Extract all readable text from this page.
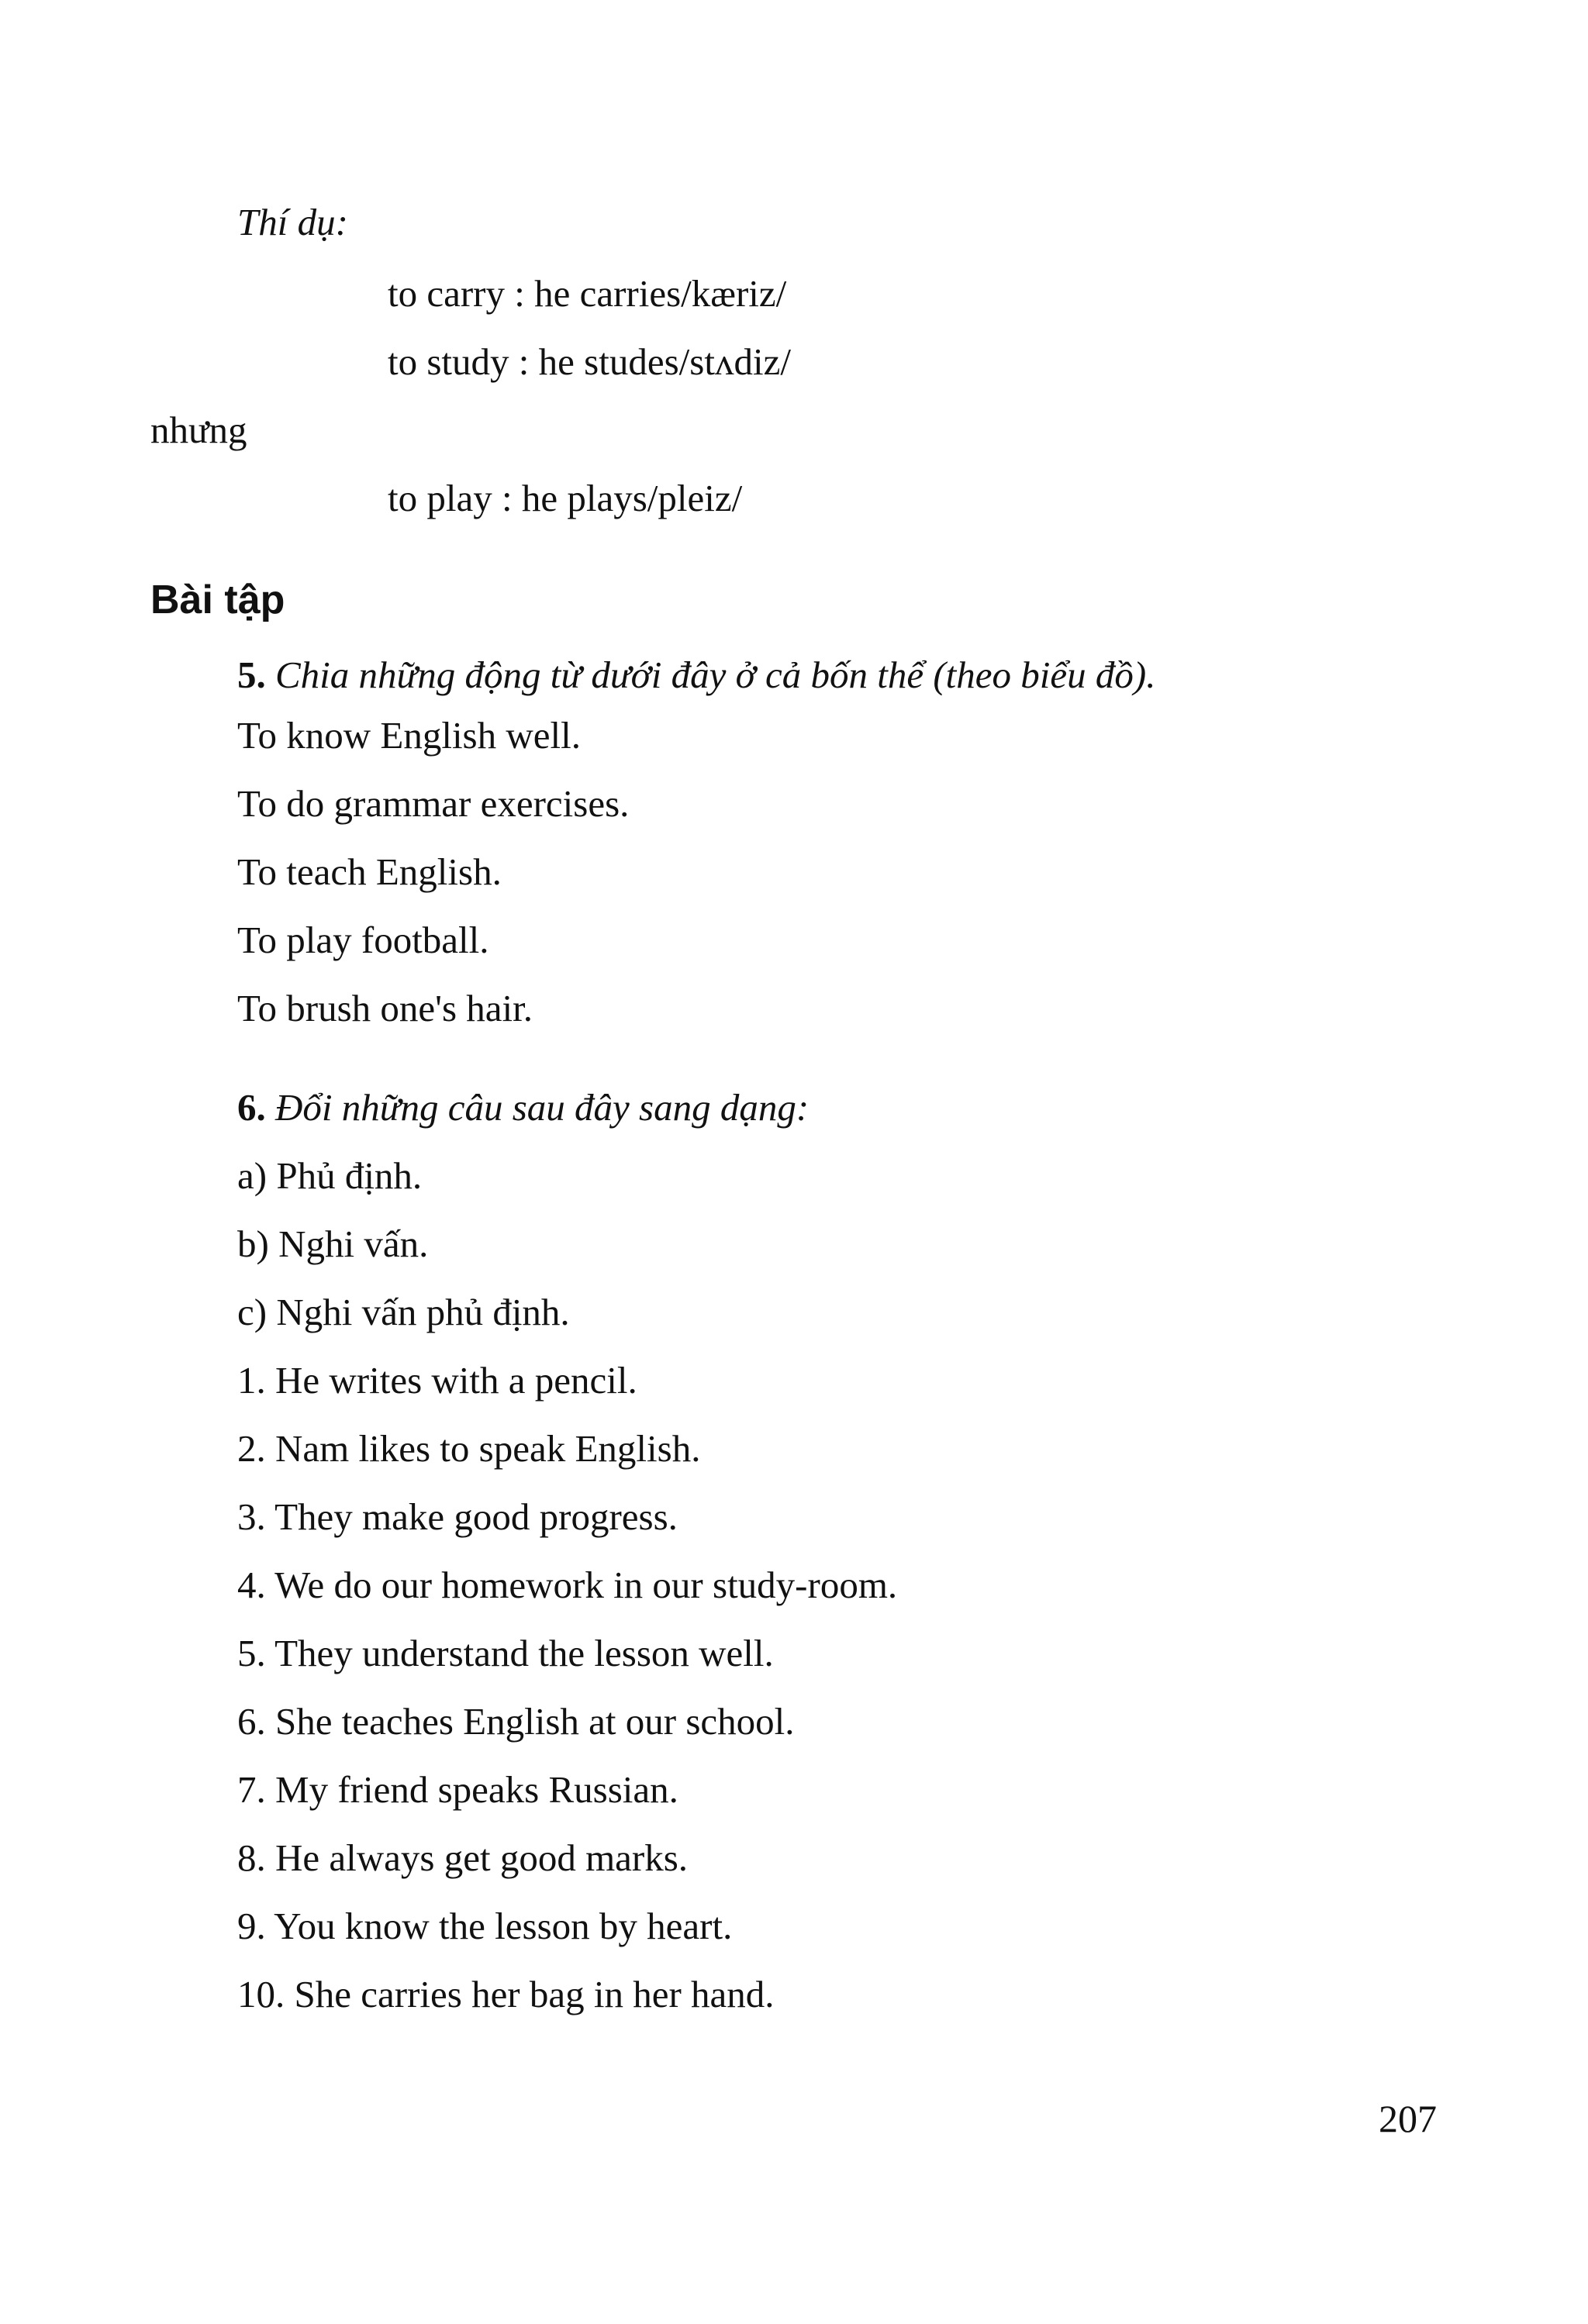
Thí dụ:
to carry : he carries/kæriz/
to study : he studes/stʌdiz/
nhưng
to play : he plays/pleiz/
Bài tập
5. Chia những động từ dưới đây ở cả bốn thể (theo biểu đồ).
To know English well.
To do grammar exercises.
To teach English.
To play football.
To brush one's hair.
6. Đổi những câu sau đây sang dạng:
a) Phủ định.
b) Nghi vấn.
c) Nghi vấn phủ định.
1. He writes with a pencil.
2. Nam likes to speak English.
3. They make good progress.
4. We do our homework in our study-room.
5. They understand the lesson well.
6. She teaches English at our school.
7. My friend speaks Russian.
8. He always get good marks.
9. You know the lesson by heart.
10. She carries her bag in her hand.
207
